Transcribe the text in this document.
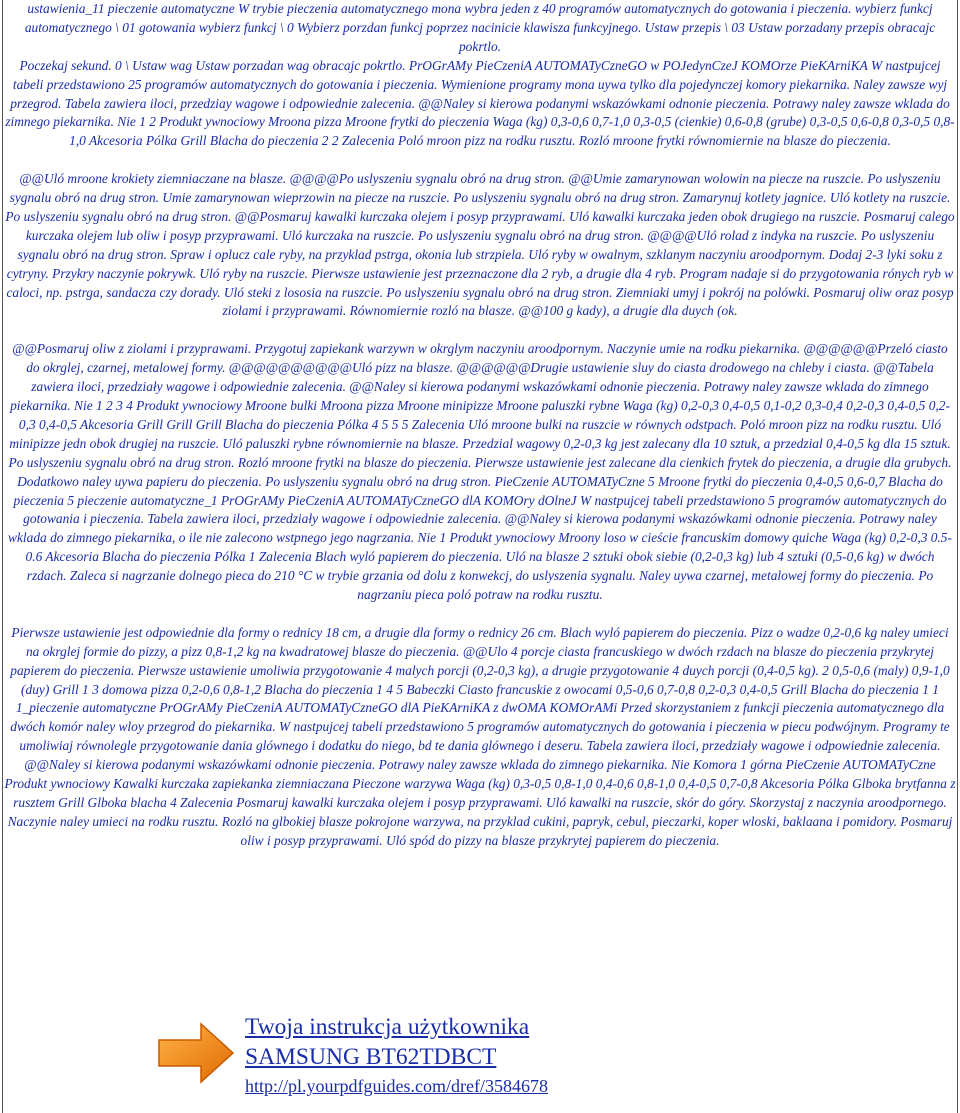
ustawienia_11 pieczenie automatyczne W trybie pieczenia automatycznego mona wybra jeden z 40 programów automatycznych do gotowania i pieczenia. wybierz funkcj automatycznego \ 01 gotowania wybierz funkcj \ 0 Wybierz porzdan funkcj poprzez nacinicie klawisza funkcyjnego. Ustaw przepis \ 03 Ustaw porzadany przepis obracajc pokrtlo.

Poczekaj sekund. 0 \ Ustaw wag Ustaw porzadan wag obracajc pokrtlo. PrOGrAMy PieCzeniA AUTOMATyCzneGO w POJedynCzeJ KOMOrze PieKArniKA W nastpujcej tabeli przedstawiono 25 programów automatycznych do gotowania i pieczenia. Wymienione programy mona uywa tylko dla pojedynczej komory piekarnika. Naley zawsze wyj przegrod. Tabela zawiera iloci, przedziay wagowe i odpowiednie zalecenia. @@Naley si kierowa podanymi wskazówkami odnonie pieczenia. Potrawy naley zawsze wklada do zimnego piekarnika. Nie 1 2 Produkt ywnociowy Mroona pizza Mroone frytki do pieczenia Waga (kg) 0,3-0,6 0,7-1,0 0,3-0,5 (cienkie) 0,6-0,8 (grube) 0,3-0,5 0,6-0,8 0,3-0,5 0,8-1,0 Akcesoria Pólka Grill Blacha do pieczenia 2 2 Zalecenia Poló mroon pizz na rodku rusztu. Rozló mroone frytki równomiernie na blasze do pieczenia.

@@Uló mroone krokiety ziemniaczane na blasze. @@@@Po uslyszeniu sygnalu obró na drug stron. @@Umie zamarynowan wolowin na piecze na ruszcie. Po uslyszeniu sygnalu obró na drug stron. Umie zamarynowan wieprzowin na piecze na ruszcie. Po uslyszeniu sygnalu obró na drug stron. Zamarynuj kotlety jagnice. Uló kotlety na ruszcie. Po uslyszeniu sygnalu obró na drug stron. @@Posmaruj kawalki kurczaka olejem i posyp przyprawami. Uló kawalki kurczaka jeden obok drugiego na ruszcie. Posmaruj calego kurczaka olejem lub oliw i posyp przyprawami. Uló kurczaka na ruszcie. Po uslyszeniu sygnalu obró na drug stron. @@@@Uló rolad z indyka na ruszcie. Po uslyszeniu sygnalu obró na drug stron. Spraw i oplucz cale ryby, na przyklad pstrga, okonia lub strzpiela. Uló ryby w owalnym, szklanym naczyniu aroodpornym. Dodaj 2-3 lyki soku z cytryny. Przykry naczynie pokrywk. Uló ryby na ruszcie. Pierwsze ustawienie jest przeznaczone dla 2 ryb, a drugie dla 4 ryb. Program nadaje si do przygotowania rónych ryb w caloci, np. pstrga, sandacza czy dorady. Uló steki z lososia na ruszcie. Po uslyszeniu sygnalu obró na drug stron. Ziemniaki umyj i pokrój na polówki. Posmaruj oliw oraz posyp ziolami i przyprawami. Równomiernie rozló na blasze. @@100 g kady), a drugie dla duych (ok.

@@Posmaruj oliw z ziolami i przyprawami. Przygotuj zapiekank warzywn w okrglym naczyniu aroodpornym. Naczynie umie na rodku piekarnika. @@@@@@Przeló ciasto do okrglej, czarnej, metalowej formy. @@@@@@@@@@Uló pizz na blasze. @@@@@@Drugie ustawienie sluy do ciasta drodowego na chleby i ciasta. @@Tabela zawiera iloci, przedziały wagowe i odpowiednie zalecenia. @@Naley si kierowa podanymi wskazówkami odnonie pieczenia. Potrawy naley zawsze wklada do zimnego piekarnika. Nie 1 2 3 4 Produkt ywnociowy Mroone bulki Mroona pizza Mroone minipizze Mroone paluszki rybne Waga (kg) 0,2-0,3 0,4-0,5 0,1-0,2 0,3-0,4 0,2-0,3 0,4-0,5 0,2-0,3 0,4-0,5 Akcesoria Grill Grill Grill Blacha do pieczenia Pólka 4 5 5 5 Zalecenia Uló mroone bulki na ruszcie w równych odstpach. Poló mroon pizz na rodku rusztu. Uló minipizze jedn obok drugiej na ruszcie. Uló paluszki rybne równomiernie na blasze. Przedzial wagowy 0,2-0,3 kg jest zalecany dla 10 sztuk, a przedzial 0,4-0,5 kg dla 15 sztuk. Po uslyszeniu sygnalu obró na drug stron. Rozló mroone frytki na blasze do pieczenia. Pierwsze ustawienie jest zalecane dla cienkich frytek do pieczenia, a drugie dla grubych. Dodatkowo naley uywa papieru do pieczenia. Po uslyszeniu sygnalu obró na drug stron. PieCzenie AUTOMATyCzne 5 Mroone frytki do pieczenia 0,4-0,5 0,6-0,7 Blacha do pieczenia 5 pieczenie automatyczne_1 PrOGrAMy PieCzeniA AUTOMATyCzneGO dlA KOMOry dOlneJ W nastpujcej tabeli przedstawiono 5 programów automatycznych do gotowania i pieczenia. Tabela zawiera iloci, przedziały wagowe i odpowiednie zalecenia. @@Naley si kierowa podanymi wskazówkami odnonie pieczenia. Potrawy naley wklada do zimnego piekarnika, o ile nie zalecono wstpnego jego nagrzania. Nie 1 Produkt ywnociowy Mroony loso w cieście francuskim domowy quiche Waga (kg) 0,2-0,3 0.5-0.6 Akcesoria Blacha do pieczenia Pólka 1 Zalecenia Blach wyló papierem do pieczenia. Uló na blasze 2 sztuki obok siebie (0,2-0,3 kg) lub 4 sztuki (0,5-0,6 kg) w dwóch rzdach. Zaleca si nagrzanie dolnego pieca do 210 °C w trybie grzania od dolu z konwekcj, do uslyszenia sygnalu. Naley uywa czarnej, metalowej formy do pieczenia. Po nagrzaniu pieca poló potraw na rodku rusztu.

Pierwsze ustawienie jest odpowiednie dla formy o rednicy 18 cm, a drugie dla formy o rednicy 26 cm. Blach wyló papierem do pieczenia. Pizz o wadze 0,2-0,6 kg naley umieci na okrglej formie do pizzy, a pizz 0,8-1,2 kg na kwadratowej blasze do pieczenia. @@Ulo 4 porcje ciasta francuskiego w dwóch rzdach na blasze do pieczenia przykrytej papierem do pieczenia. Pierwsze ustawienie umoliwia przygotowanie 4 malych porcji (0,2-0,3 kg), a drugie przygotowanie 4 duych porcji (0,4-0,5 kg). 2 0,5-0,6 (maly) 0,9-1,0 (duy) Grill 1 3 domowa pizza 0,2-0,6 0,8-1,2 Blacha do pieczenia 1 4 5 Babeczki Ciasto francuskie z owocami 0,5-0,6 0,7-0,8 0,2-0,3 0,4-0,5 Grill Blacha do pieczenia 1 1 1_pieczenie automatyczne PrOGrAMy PieCzeniA AUTOMATyCzneGO dlA PieKArniKA z dwOMA KOMOrAMi Przed skorzystaniem z funkcji pieczenia automatycznego dla dwóch komór naley wloy przegrod do piekarnika. W nastpujcej tabeli przedstawiono 5 programów automatycznych do gotowania i pieczenia w piecu podwójnym. Programy te umoliwiaj równolegle przygotowanie dania glównego i dodatku do niego, bd te dania glównego i deseru. Tabela zawiera iloci, przedziały wagowe i odpowiednie zalecenia. @@Naley si kierowa podanymi wskazówkami odnonie pieczenia. Potrawy naley zawsze wklada do zimnego piekarnika. Nie Komora 1 górna PieCzenie AUTOMATyCzne Produkt ywnociowy Kawalki kurczaka zapiekanka ziemniaczana Pieczone warzywa Waga (kg) 0,3-0,5 0,8-1,0 0,4-0,6 0,8-1,0 0,4-0,5 0,7-0,8 Akcesoria Pólka Glboka brytfanna z rusztem Grill Glboka blacha 4 Zalecenia Posmaruj kawalki kurczaka olejem i posyp przyprawami. Uló kawalki na ruszcie, skór do góry. Skorzystaj z naczynia aroodpornego. Naczynie naley umieci na rodku rusztu. Rozló na glbokiej blasze pokrojone warzywa, na przyklad cukini, papryk, cebul, pieczarki, koper wloski, baklaana i pomidory. Posmaruj oliw i posyp przyprawami. Uló spód do pizzy na blasze przykrytej papierem do pieczenia.

Twoja instrukcja użytkownika
SAMSUNG BT62TDBCT
http://pl.yourpdfguides.com/dref/3584678
